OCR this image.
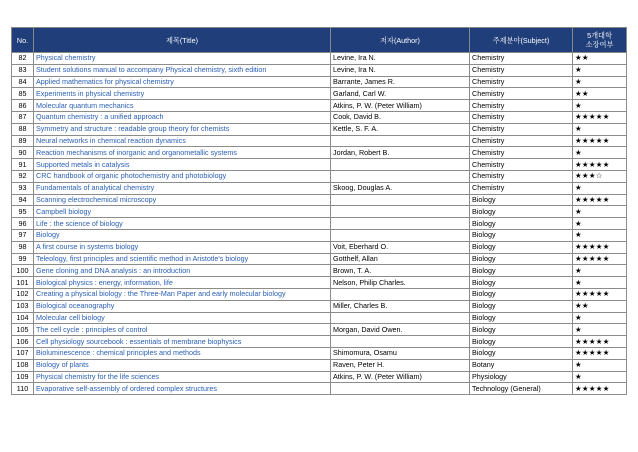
No.	제목(Title)	저자(Author)	주제분야(Subject)	5개대학
소장여부
82	Physical chemistry	Levine, Ira N.	Chemistry	★★
83	Student solutions manual to accompany Physical chemistry, sixth edition	Levine, Ira N.	Chemistry	★
84	Applied mathematics for physical chemistry	Barrante, James R.	Chemistry	★
85	Experiments in physical chemistry	Garland, Carl W.	Chemistry	★★
86	Molecular quantum mechanics	Atkins, P. W. (Peter William)	Chemistry	★
87	Quantum chemistry : a unified approach	Cook, David B.	Chemistry	★★★★★
88	Symmetry and structure : readable group theory for chemists	Kettle, S. F. A.	Chemistry	★
89	Neural networks in chemical reaction dynamics		Chemistry	★★★★★
90	Reaction mechanisms of inorganic and organometallic systems	Jordan, Robert B.	Chemistry	★
91	Supported metals in catalysis		Chemistry	★★★★★
92	CRC handbook of organic photochemistry and photobiology		Chemistry	★★★☆
93	Fundamentals of analytical chemistry	Skoog, Douglas A.	Chemistry	★
94	Scanning electrochemical microscopy		Biology	★★★★★
95	Campbell biology		Biology	★
96	Life : the science of biology		Biology	★
97	Biology		Biology	★
98	A first course in systems biology	Voit, Eberhard O.	Biology	★★★★★
99	Teleology, first principles and scientific method in Aristotle's biology	Gotthelf, Allan	Biology	★★★★★
100	Gene cloning and DNA analysis : an introduction	Brown, T. A.	Biology	★
101	Biological physics : energy, information, life	Nelson, Philip Charles.	Biology	★
102	Creating a physical biology : the Three-Man Paper and early molecular biology		Biology	★★★★★
103	Biological oceanography	Miller, Charles B.	Biology	★★
104	Molecular cell biology		Biology	★
105	The cell cycle : principles of control	Morgan, David Owen.	Biology	★
106	Cell physiology sourcebook : essentials of membrane biophysics		Biology	★★★★★
107	Bioluminescence : chemical principles and methods	Shimomura, Osamu	Biology	★★★★★
108	Biology of plants	Raven, Peter H.	Botany	★
109	Physical chemistry for the life sciences	Atkins, P. W. (Peter William)	Physiology	★
110	Evaporative self-assembly of ordered complex structures		Technology (General)	★★★★★
